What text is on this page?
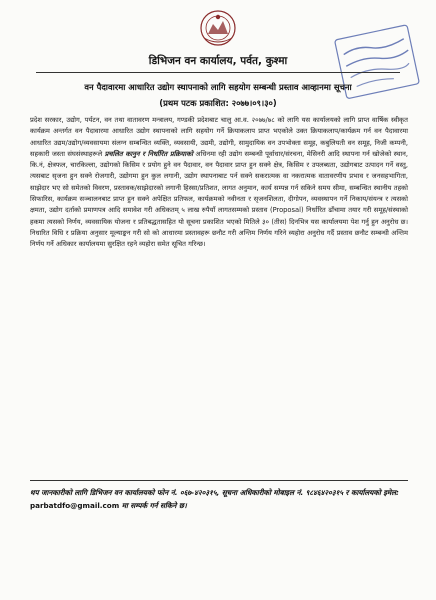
डिभिजन वन कार्यालय, पर्वत, कुश्मा
वन पैदावारमा आधारित उद्योग स्थापनाको लागि सहयोग सम्बन्धी प्रस्ताव आव्हानमा सूचना
(प्रथम पटक प्रकाशित: २०७७।०९।३०)
प्रदेश सरकार, उद्योग, पर्यटन, वन तथा वातावरण मन्त्रालय, गण्डकी प्रदेशबाट चालु आ.व. २०७७/७८ को लागि यस कार्यालयको लागि प्राप्त वार्षिक स्वीकृत कार्यक्रम अन्तर्गत वन पैदावारमा आधारित उद्योग स्थापनाको लागि सहयोग गर्ने क्रियाकलाप प्राप्त भएकोले उक्त क्रियाकलाप/कार्यक्रम गर्न वन पैदावारमा आधारित उद्यम/उद्योग/व्यवसायमा संलग्न सम्बन्धित व्यक्ति, व्यवसायी, उद्यमी, उद्योगी, सामुदायिक वन उपभोक्ता समूह, कबुलियती वन समूह, निजी कम्पनी, सहकारी जस्ता संघसंस्थाहरूले प्रचलित कानुन र निर्धारित प्रक्रियाको अधिनमा रही उद्योग सम्बन्धी पूर्वाधार/संरचना, मेसिनरी आदि स्थापना गर्न खोजेको स्थान, कि.नं, क्षेत्रफल, चारकिल्ला, उद्योगको किसिम र प्रयोग हुने वन पैदावार, वन पैदावार प्राप्त हुन सक्ने क्षेत्र, किसिम र उपलब्धता, उद्योगबाट उत्पादन गर्ने वस्तु, त्यसबाट सृजना हुन सक्ने रोजगारी, उद्योगमा हुन कुल लगानी, उद्योग स्थापनाबाट पर्न सक्ने सकरात्मक वा नकरात्मक वातावरणीय प्रभाव र जनसहभागिता, साझेदार भए सो समेतको विवरण, प्रस्तावक/साझेदारको लगानी हिस्सा/प्रतिशत, लागत अनुमान, कार्य सम्पन्न गर्न सकिने समय सीमा, सम्बन्धित स्थानीय तहको सिफारिस, कार्यक्रम सञ्चालनबाट प्राप्त हुन सक्ने अपेक्षित प्रतिफल, कार्यक्रमको नवीनता र सृजनशिलता, दीगोपन, व्यवस्थापन गर्ने निकाय/संयन्त्र र त्यसको क्षमता, उद्योग दर्ताको प्रमाणपत्र आदि समावेश गरी अधिकतम् ५ लाख रुपैयाँ लागतसम्मको प्रस्ताव (Proposal) निर्धारित ढाँचामा तयार गरी समूह/संस्थाको हकमा त्यसको निर्णय, व्यवसायिक योजना र प्रतिबद्धतासहित यो सूचना प्रकाशित भएको मितिले ३० (तीस) दिनभित्र यस कार्यालयमा पेश गर्नु हुन अनुरोध छ। निधारित विधि र प्रक्रिया अनुसार मूल्याङ्कन गरी सो को आधारमा प्रस्तावहरू छनौट गरी अन्तिम निर्णय गरिने व्यहोरा अनुरोध गर्दै प्रस्ताव छनौट सम्बन्धी अन्तिम निर्णय गर्ने अधिकार कार्यालयमा सुरक्षित रहने व्यहोरा समेत सूचित गरिन्छ।
थप जानकारीको लागि डिभिजन वन कार्यालयको फोन नं. ०६७-४२०३१५, सूचना अधिकारीको मोबाइल नं. ९८४६४२०३१५ र कार्यालयको इमेल: parbatdfo@gmail.com मा सम्पर्क गर्न सकिने छ।
